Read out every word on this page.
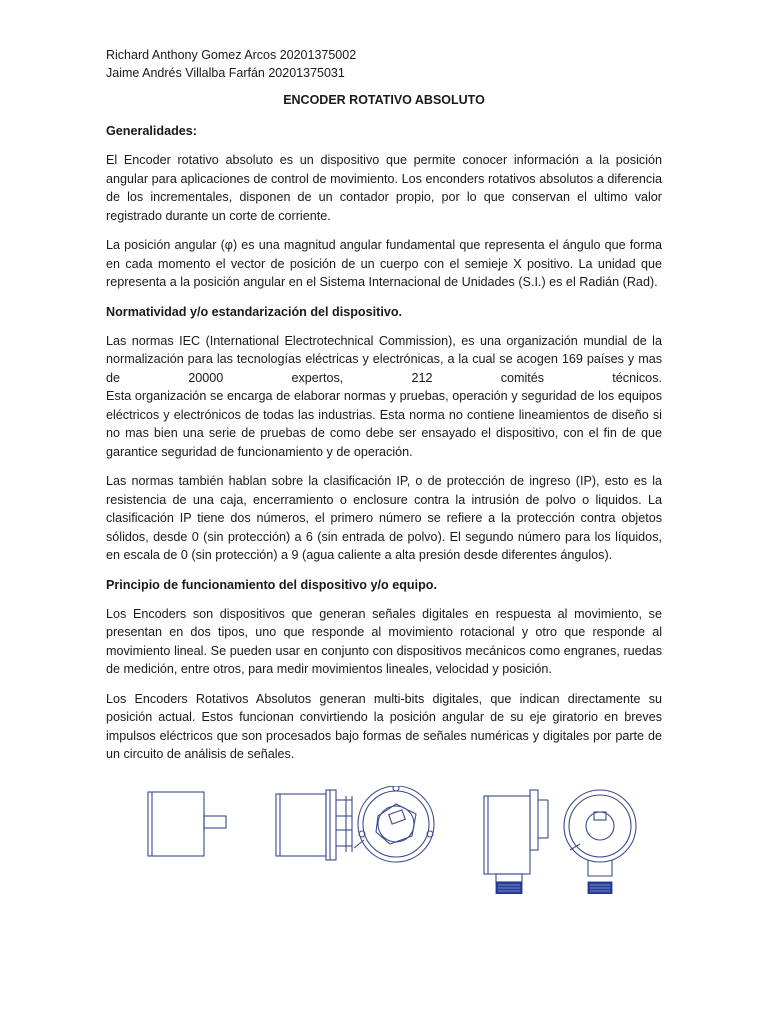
Richard Anthony Gomez Arcos 20201375002
Jaime Andrés Villalba Farfán 20201375031
ENCODER ROTATIVO ABSOLUTO
Generalidades:

El Encoder rotativo absoluto es un dispositivo que permite conocer información a la posición angular para aplicaciones de control de movimiento. Los enconders rotativos absolutos a diferencia de los incrementales, disponen de un contador propio, por lo que conservan el ultimo valor registrado durante un corte de corriente.

La posición angular (φ) es una magnitud angular fundamental que representa el ángulo que forma en cada momento el vector de posición de un cuerpo con el semieje X positivo. La unidad que representa a la posición angular en el Sistema Internacional de Unidades (S.I.) es el Radián (Rad).

Normatividad y/o estandarización del dispositivo.

Las normas IEC (International Electrotechnical Commission), es una organización mundial de la normalización para las tecnologías eléctricas y electrónicas, a la cual se acogen 169 países y mas de 20000 expertos, 212 comités técnicos.

Esta organización se encarga de elaborar normas y pruebas, operación y seguridad de los equipos eléctricos y electrónicos de todas las industrias. Esta norma no contiene lineamientos de diseño si no mas bien una serie de pruebas de como debe ser ensayado el dispositivo, con el fin de que garantice seguridad de funcionamiento y de operación.

Las normas también hablan sobre la clasificación IP, o de protección de ingreso (IP), esto es la resistencia de una caja, encerramiento o enclosure contra la intrusión de polvo o liquidos. La clasificación IP tiene dos números, el primero número se refiere a la protección contra objetos sólidos, desde 0 (sin protección) a 6 (sin entrada de polvo). El segundo número para los líquidos, en escala de 0 (sin protección) a 9 (agua caliente a alta presión desde diferentes ángulos).

Principio de funcionamiento del dispositivo y/o equipo.

Los Encoders son dispositivos que generan señales digitales en respuesta al movimiento, se presentan en dos tipos, uno que responde al movimiento rotacional y otro que responde al movimiento lineal. Se pueden usar en conjunto con dispositivos mecánicos como engranes, ruedas de medición, entre otros, para medir movimientos lineales, velocidad y posición.

Los Encoders Rotativos Absolutos generan multi-bits digitales, que indican directamente su posición actual. Estos funcionan convirtiendo la posición angular de su eje giratorio en breves impulsos eléctricos que son procesados bajo formas de señales numéricas y digitales por parte de un circuito de análisis de señales.
